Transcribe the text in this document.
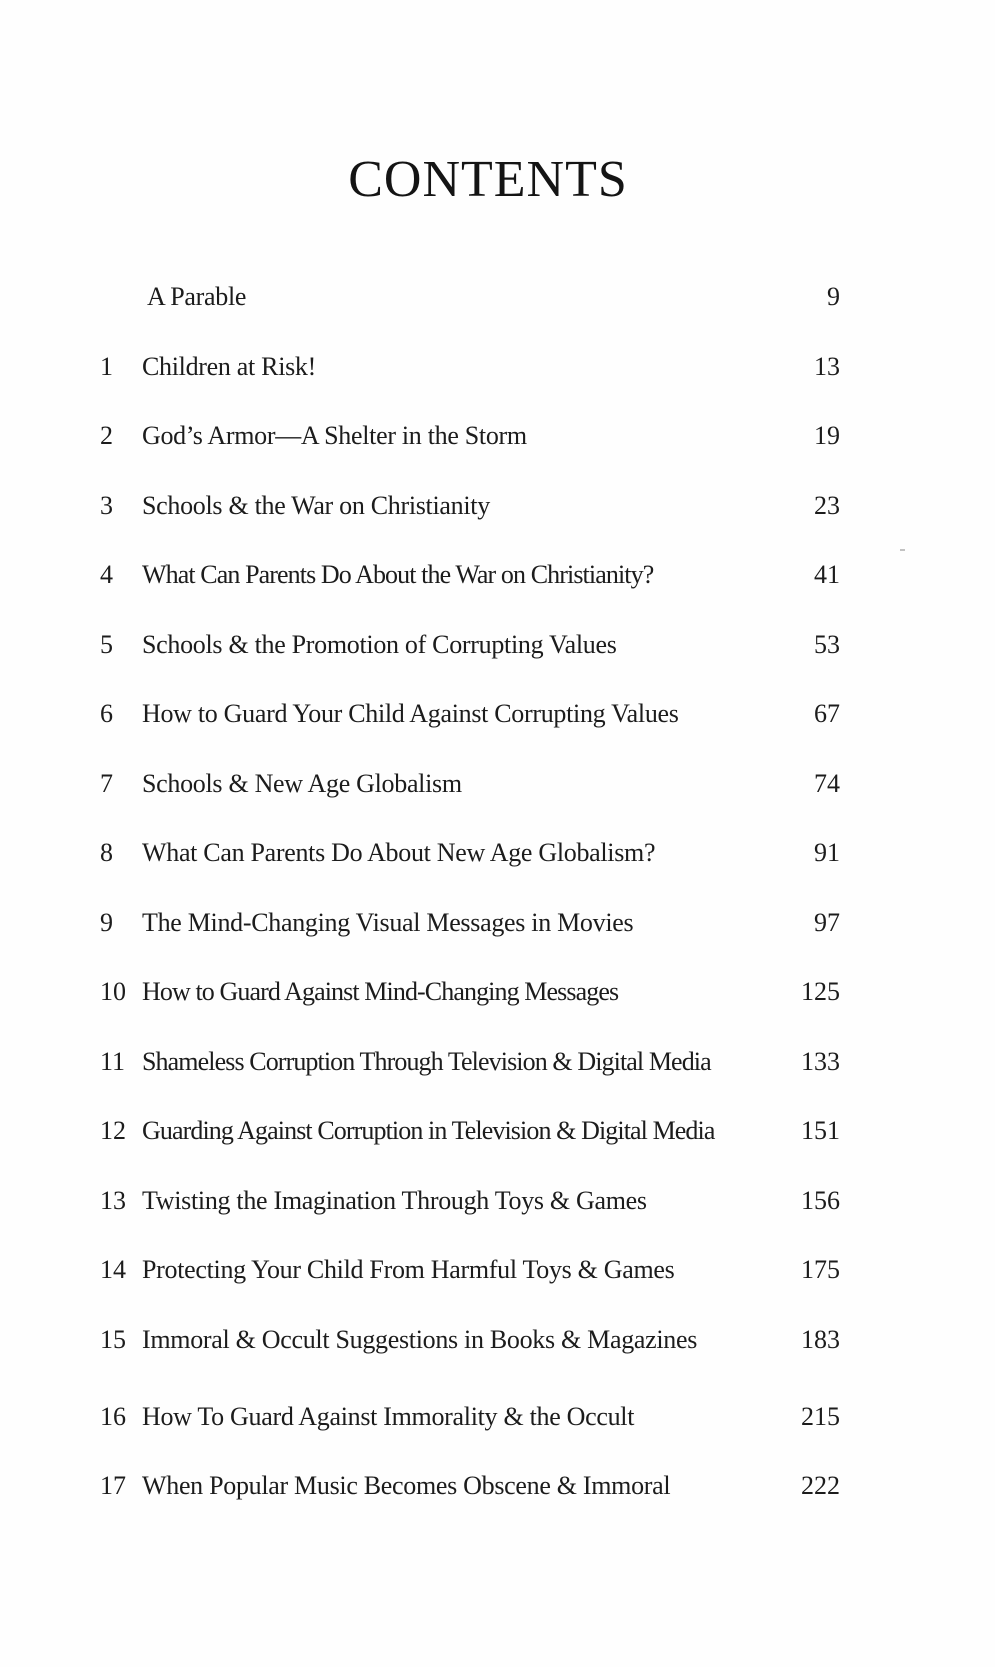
CONTENTS
A Parable	9
1	Children at Risk!	13
2	God’s Armor—A Shelter in the Storm	19
3	Schools & the War on Christianity	23
4	What Can Parents Do About the War on Christianity?	41
5	Schools & the Promotion of Corrupting Values	53
6	How to Guard Your Child Against Corrupting Values	67
7	Schools & New Age Globalism	74
8	What Can Parents Do About New Age Globalism?	91
9	The Mind-Changing Visual Messages in Movies	97
10 How to Guard Against Mind-Changing Messages	125
11 Shameless Corruption Through Television & Digital Media	133
12 Guarding Against Corruption in Television & Digital Media	151
13 Twisting the Imagination Through Toys & Games	156
14 Protecting Your Child From Harmful Toys & Games	175
15 Immoral & Occult Suggestions in Books & Magazines	183
16 How To Guard Against Immorality & the Occult	215
17 When Popular Music Becomes Obscene & Immoral	222
